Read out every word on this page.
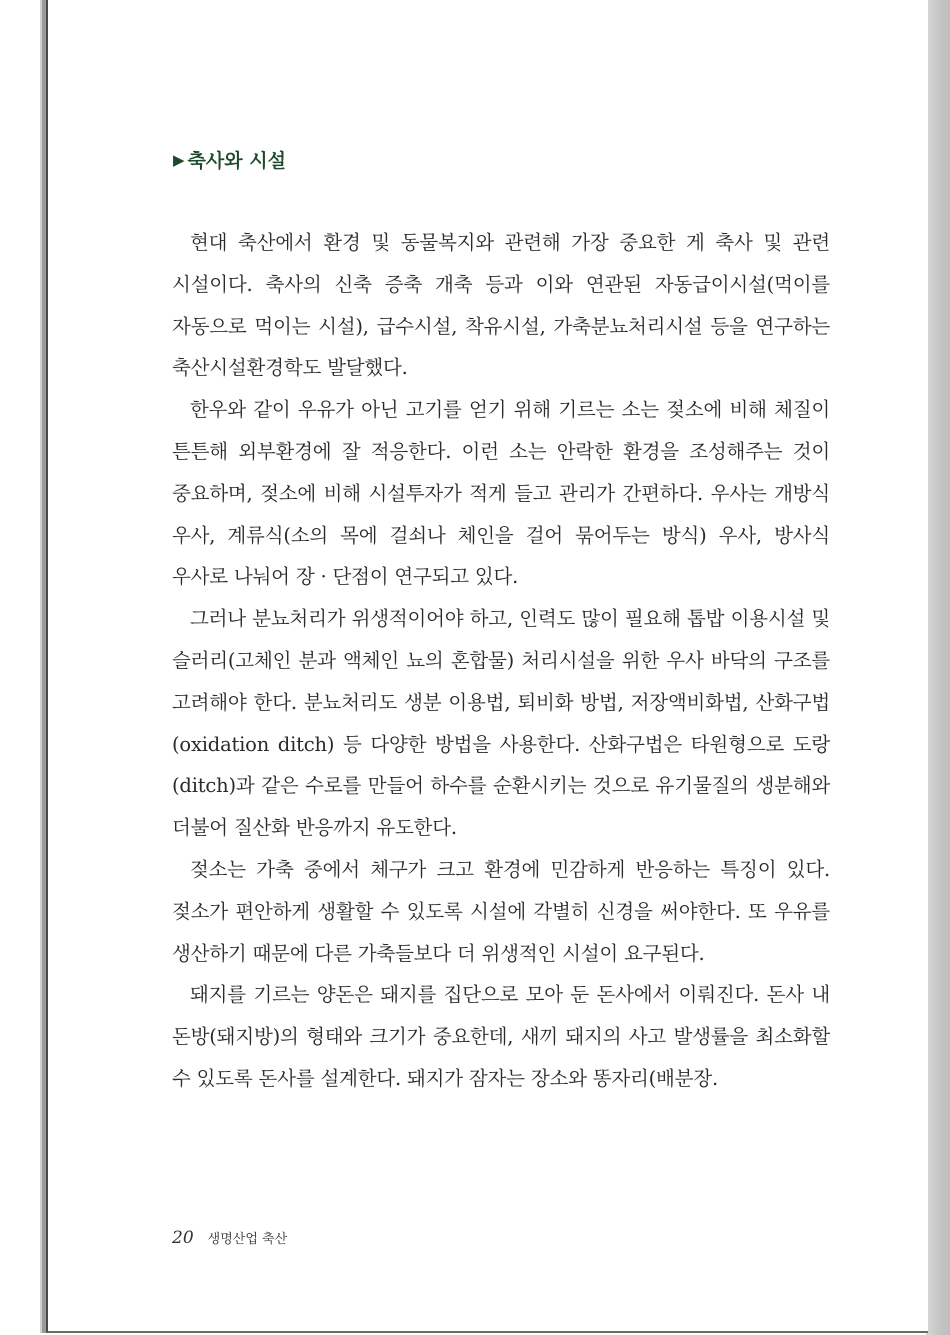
▶ 축사와 시설

현대 축산에서 환경 및 동물복지와 관련해 가장 중요한 게 축사 및 관련 시설이다. 축사의 신축 증축 개축 등과 이와 연관된 자동급이시설(먹이를 자동으로 먹이는 시설), 급수시설, 착유시설, 가축분뇨처리시설 등을 연구하는 축산시설환경학도 발달했다.

한우와 같이 우유가 아닌 고기를 얻기 위해 기르는 소는 젖소에 비해 체질이 튼튼해 외부환경에 잘 적응한다. 이런 소는 안락한 환경을 조성해주는 것이 중요하며, 젖소에 비해 시설투자가 적게 들고 관리가 간편하다. 우사는 개방식 우사, 계류식(소의 목에 걸쇠나 체인을 걸어 묶어두는 방식) 우사, 방사식 우사로 나눠어 장 · 단점이 연구되고 있다.

그러나 분뇨처리가 위생적이어야 하고, 인력도 많이 필요해 톱밥 이용시설 및 슬러리(고체인 분과 액체인 뇨의 혼합물) 처리시설을 위한 우사 바닥의 구조를 고려해야 한다. 분뇨처리도 생분 이용법, 퇴비화 방법, 저장액비화법, 산화구법(oxidation ditch) 등 다양한 방법을 사용한다. 산화구법은 타원형으로 도랑(ditch)과 같은 수로를 만들어 하수를 순환시키는 것으로 유기물질의 생분해와 더불어 질산화 반응까지 유도한다.

젖소는 가축 중에서 체구가 크고 환경에 민감하게 반응하는 특징이 있다. 젖소가 편안하게 생활할 수 있도록 시설에 각별히 신경을 써야한다. 또 우유를 생산하기 때문에 다른 가축들보다 더 위생적인 시설이 요구된다.

돼지를 기르는 양돈은 돼지를 집단으로 모아 둔 돈사에서 이뤄진다. 돈사 내 돈방(돼지방)의 형태와 크기가 중요한데, 새끼 돼지의 사고 발생률을 최소화할 수 있도록 돈사를 설계한다. 돼지가 잠자는 장소와 똥자리(배분장.

20 생명산업 축산
